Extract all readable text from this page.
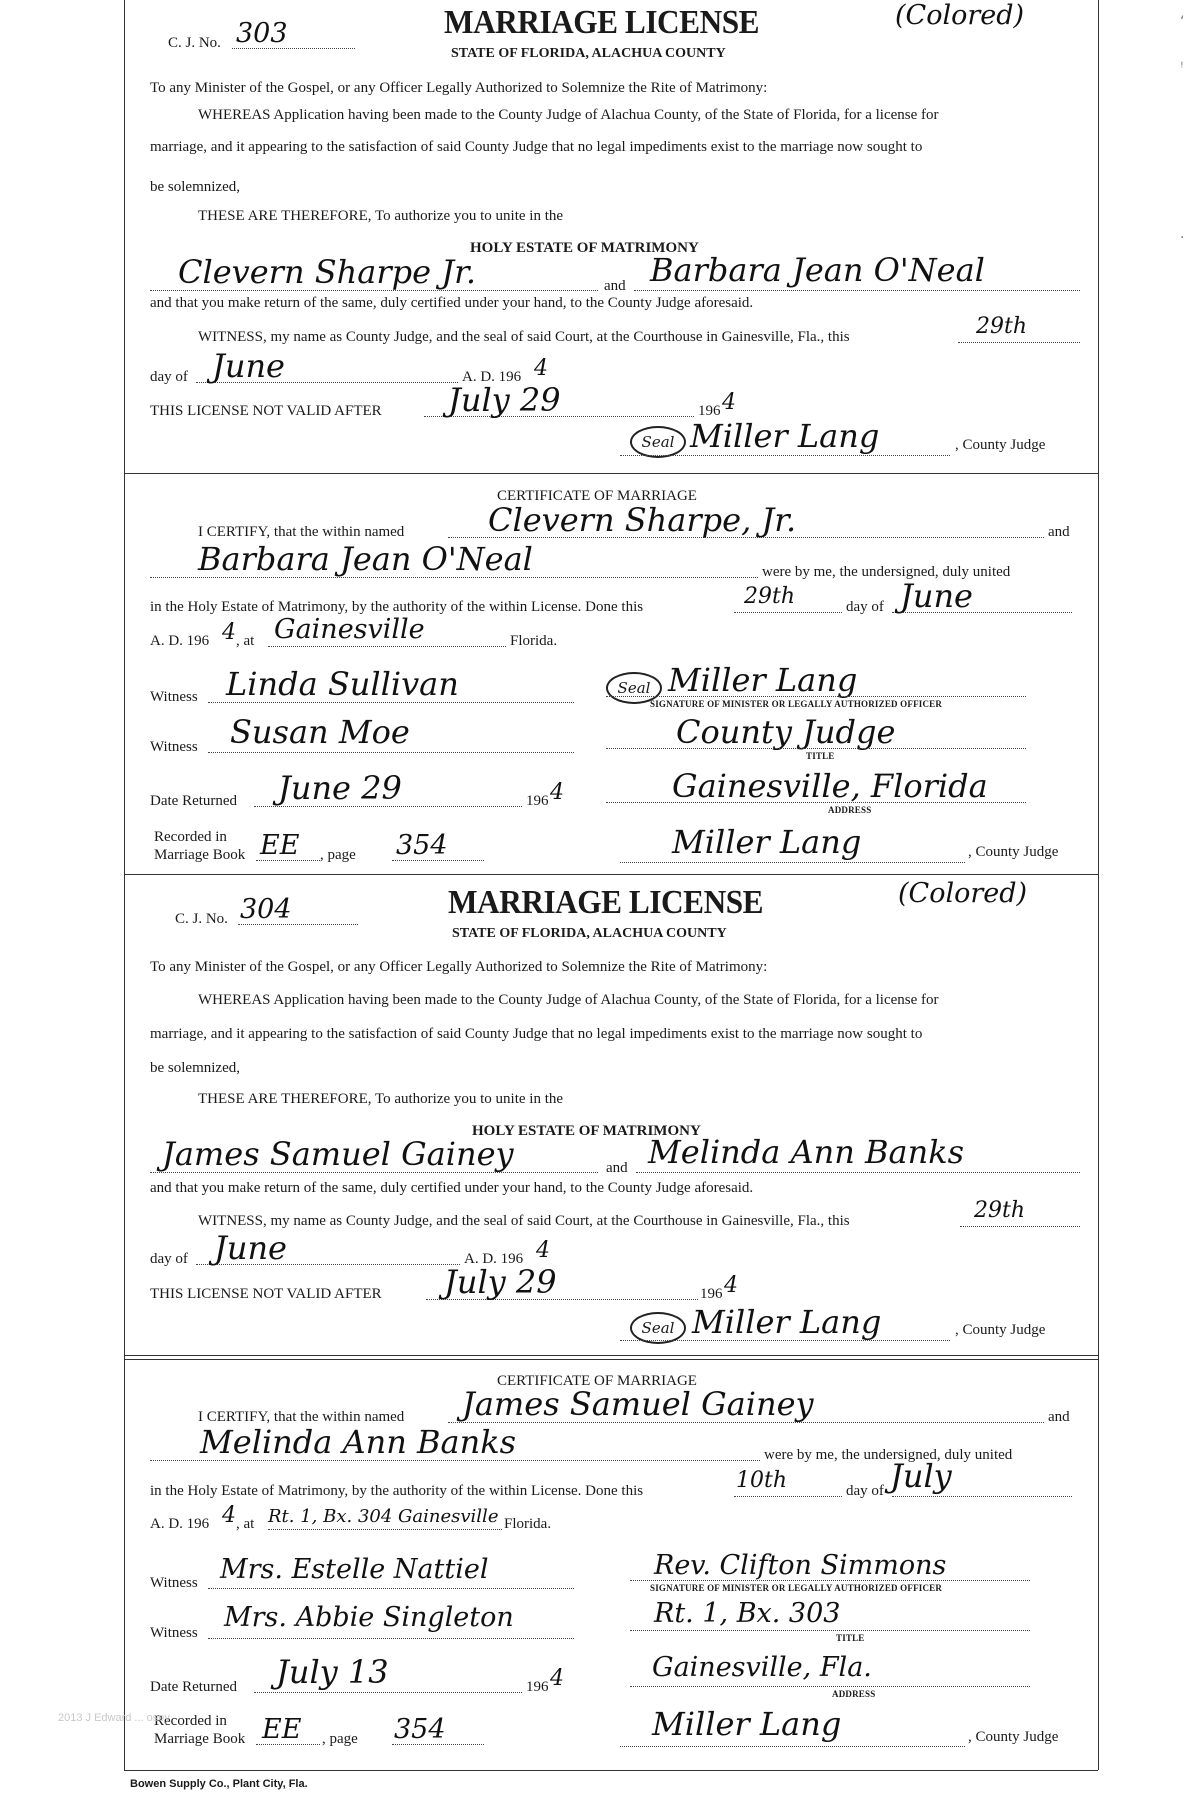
C. J. No. 303	MARRIAGE LICENSE	(Colored)
STATE OF FLORIDA, ALACHUA COUNTY
To any Minister of the Gospel, or any Officer Legally Authorized to Solemnize the Rite of Matrimony:
WHEREAS Application having been made to the County Judge of Alachua County, of the State of Florida, for a license for
marriage, and it appearing to the satisfaction of said County Judge that no legal impediments exist to the marriage now sought to
be solemnized,
THESE ARE THEREFORE, To authorize you to unite in the
HOLY ESTATE OF MATRIMONY
Clevern Sharpe Jr.	and Barbara Jean O'Neal
and that you make return of the same, duly certified under your hand, to the County Judge aforesaid.
WITNESS, my name as County Judge, and the seal of said Court, at the Courthouse in Gainesville, Fla., this	29th
day of June	A. D. 196 4
THIS LICENSE NOT VALID AFTER July 29	196 4
Seal Miller Lang	, County Judge
CERTIFICATE OF MARRIAGE
I CERTIFY, that the within named	Clevern Sharpe, Jr.	and
Barbara Jean O'Neal	were by me, the undersigned, duly united
in the Holy Estate of Matrimony, by the authority of the within License. Done this	29th	day of June
A. D. 196 4 , at Gainesville	Florida.
Witness Linda Sullivan	Seal Miller Lang
SIGNATURE OF MINISTER OR LEGALLY AUTHORIZED OFFICER
Witness Susan Moe	County Judge
TITLE
Date Returned June 29	196 4	Gainesville, Florida
ADDRESS
Recorded in
Marriage Book EE , page 354	Miller Lang	, County Judge
C. J. No. 304	MARRIAGE LICENSE	(Colored)
STATE OF FLORIDA, ALACHUA COUNTY
To any Minister of the Gospel, or any Officer Legally Authorized to Solemnize the Rite of Matrimony:
WHEREAS Application having been made to the County Judge of Alachua County, of the State of Florida, for a license for
marriage, and it appearing to the satisfaction of said County Judge that no legal impediments exist to the marriage now sought to
be solemnized,
THESE ARE THEREFORE, To authorize you to unite in the
HOLY ESTATE OF MATRIMONY
James Samuel Gainey	and Melinda Ann Banks
and that you make return of the same, duly certified under your hand, to the County Judge aforesaid.
WITNESS, my name as County Judge, and the seal of said Court, at the Courthouse in Gainesville, Fla., this	29th
day of June	A. D. 196 4
THIS LICENSE NOT VALID AFTER July 29	196 4
Seal Miller Lang	, County Judge
CERTIFICATE OF MARRIAGE
I CERTIFY, that the within named James Samuel Gainey	and
Melinda Ann Banks	were by me, the undersigned, duly united
in the Holy Estate of Matrimony, by the authority of the within License. Done this	10th	day of July
A. D. 196 4 , at Rt. 1, Bx. 304 Gainesville Florida.
Witness Mrs. Estelle Nattiel	Rev. Clifton Simmons
SIGNATURE OF MINISTER OR LEGALLY AUTHORIZED OFFICER
Witness Mrs. Abbie Singleton	Rt. 1, Bx. 303
TITLE
Date Returned July 13	196 4	Gainesville, Fla.
ADDRESS
Recorded in
Marriage Book EE , page 354	Miller Lang	, County Judge
2013 J Edward ... osey
Bowen Supply Co., Plant City, Fla.
‘
ꜝ
·
